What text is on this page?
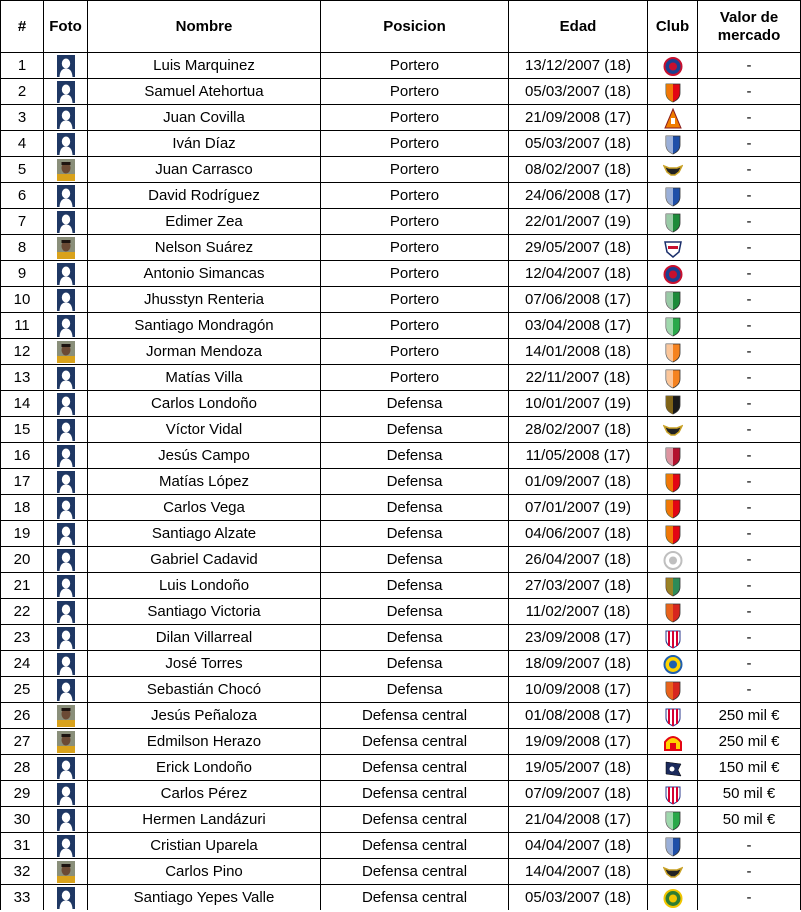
#	Foto	Nombre	Posicion	Edad	Club	Valor de mercado
1		Luis Marquinez	Portero	13/12/2007 (18)		-
2		Samuel Atehortua	Portero	05/03/2007 (18)		-
3		Juan Covilla	Portero	21/09/2008 (17)		-
4		Iván Díaz	Portero	05/03/2007 (18)		-
5		Juan Carrasco	Portero	08/02/2007 (18)		-
6		David Rodríguez	Portero	24/06/2008 (17)		-
7		Edimer Zea	Portero	22/01/2007 (19)		-
8		Nelson Suárez	Portero	29/05/2007 (18)		-
9		Antonio Simancas	Portero	12/04/2007 (18)		-
10		Jhusstyn Renteria	Portero	07/06/2008 (17)		-
11		Santiago Mondragón	Portero	03/04/2008 (17)		-
12		Jorman Mendoza	Portero	14/01/2008 (18)		-
13		Matías Villa	Portero	22/11/2007 (18)		-
14		Carlos Londoño	Defensa	10/01/2007 (19)		-
15		Víctor Vidal	Defensa	28/02/2007 (18)		-
16		Jesús Campo	Defensa	11/05/2008 (17)		-
17		Matías López	Defensa	01/09/2007 (18)		-
18		Carlos Vega	Defensa	07/01/2007 (19)		-
19		Santiago Alzate	Defensa	04/06/2007 (18)		-
20		Gabriel Cadavid	Defensa	26/04/2007 (18)		-
21		Luis Londoño	Defensa	27/03/2007 (18)		-
22		Santiago Victoria	Defensa	11/02/2007 (18)		-
23		Dilan Villarreal	Defensa	23/09/2008 (17)		-
24		José Torres	Defensa	18/09/2007 (18)		-
25		Sebastián Chocó	Defensa	10/09/2008 (17)		-
26		Jesús Peñaloza	Defensa central	01/08/2008 (17)		250 mil €
27		Edmilson Herazo	Defensa central	19/09/2008 (17)		250 mil €
28		Erick Londoño	Defensa central	19/05/2007 (18)		150 mil €
29		Carlos Pérez	Defensa central	07/09/2007 (18)		50 mil €
30		Hermen Landázuri	Defensa central	21/04/2008 (17)		50 mil €
31		Cristian Uparela	Defensa central	04/04/2007 (18)		-
32		Carlos Pino	Defensa central	14/04/2007 (18)		-
33		Santiago Yepes Valle	Defensa central	05/03/2007 (18)		-
